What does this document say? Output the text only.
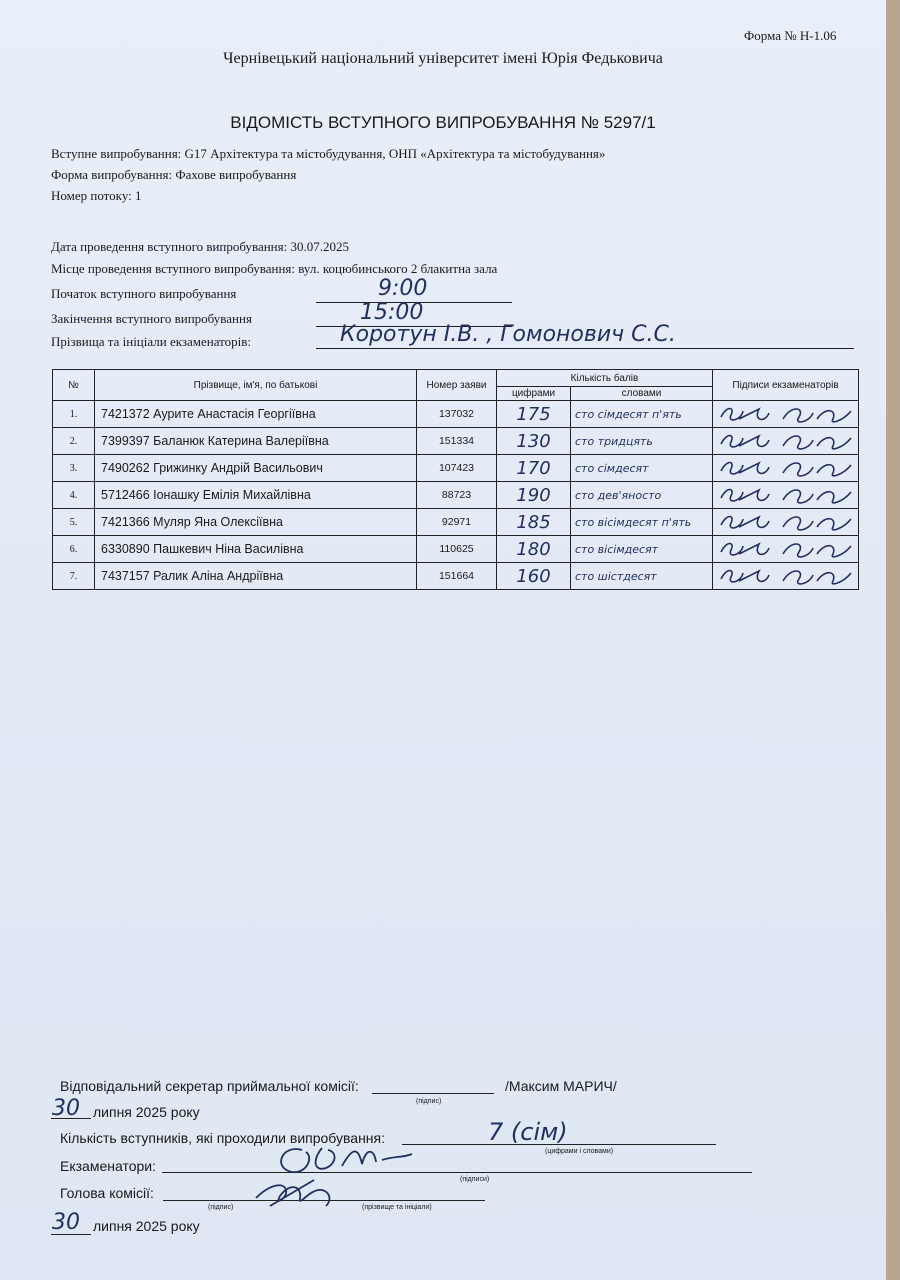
Форма № Н-1.06
Чернівецький національний університет імені Юрія Федьковича
ВІДОМІСТЬ ВСТУПНОГО ВИПРОБУВАННЯ № 5297/1
Вступне випробування: G17 Архітектура та містобудування, ОНП «Архітектура та містобудування»
Форма випробування: Фахове випробування
Номер потоку: 1
Дата проведення вступного випробування: 30.07.2025
Місце проведення вступного випробування: вул. коцюбинського 2 блакитна зала
Початок вступного випробування	9:00
Закінчення вступного випробування	15:00
Прізвища та ініціали екзаменаторів:	Коротун І.В. , Гомонович С.С.
№	Прізвище, ім'я, по батькові	Номер заяви	Кількість балів		Підписи екзаменаторів
			цифрами	словами	
1.	7421372 Аурите Анастасія Георгіївна	137032	175	сто сімдесят п'ять	

2.	7399397 Баланюк Катерина Валеріївна	151334	130	сто тридцять	

3.	7490262 Грижинку Андрій Васильович	107423	170	сто сімдесят	

4.	5712466 Іонашку Емілія Михайлівна	88723	190	сто дев'яносто	

5.	7421366 Муляр Яна Олексіївна	92971	185	сто вісімдесят п'ять	

6.	6330890 Пашкевич Ніна Василівна	110625	180	сто вісімдесят	

7.	7437157 Ралик Аліна Андріївна	151664	160	сто шістдесят	
Відповідальний секретар приймальної комісії:
(підпис)
/Максим МАРИЧ/
30 липня 2025 року
Кількість вступників, які проходили випробування:	7 (сім)
(цифрами і словами)
Екзаменатори:
(підписи)
Голова комісії:
(підпис)	(прізвище та ініціали)
30 липня 2025 року
